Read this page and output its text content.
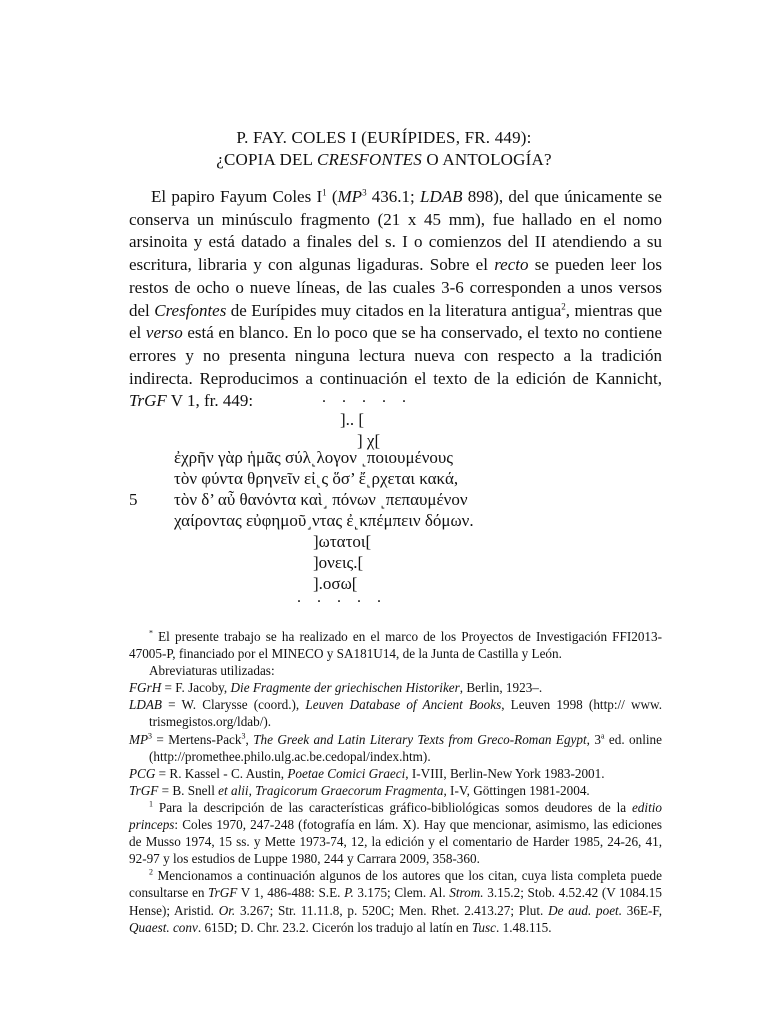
P. FAY. COLES I (EURÍPIDES, FR. 449):
¿COPIA DEL CRESFONTES O ANTOLOGÍA?

El papiro Fayum Coles $I^1$ ($MP^3$ 436.1; LDAB 898), del que únicamente se conserva un minúsculo fragmento (21 x 45 mm), fue hallado en el nomo arsinoita y está datado a finales del s. I o comienzos del II atendiendo a su escritura, libraria y con algunas ligaduras. Sobre el recto se pueden leer los restos de ocho o nueve líneas, de las cuales 3-6 corresponden a unos versos del Cresfontes de Eurípides muy citados en la literatura antigua$^2$, mientras que el verso está en blanco. En lo poco que se ha conservado, el texto no contiene errores y no presenta ninguna lectura nueva con respecto a la tradición indirecta. Reproducimos a continuación el texto de la edición de Kannicht, TrGF V 1, fr. 449:	. . . . .
].. [
] χ[
ἐχρῆν γὰρ ἡμᾶς σύλ˻λογον ˻ποιουμένους
τὸν φύντα θρηνεῖν εἰ˻ς ὅσ’ ἔ˻ρχεται κακά,
5 τὸν δ’ αὖ θανόντα καὶ˼ πόνων ˻πεπαυμένον
χαίροντας εὐφημοῦ˼ντας ἐ˻κπέμπειν δόμων.
]ωτατοι[
]ονεις.[
].οσω[
. . . . .

* El presente trabajo se ha realizado en el marco de los Proyectos de Investigación FFI2013-47005-P, financiado por el MINECO y SA181U14, de la Junta de Castilla y León.

Abreviaturas utilizadas:

FGrH = F. Jacoby, Die Fragmente der griechischen Historiker, Berlin, 1923–.

LDAB = W. Clarysse (coord.), Leuven Database of Ancient Books, Leuven 1998 (http:// www. trismegistos.org/ldab/).

$MP^3$ = Mertens-Pack$^3$, The Greek and Latin Literary Texts from Greco-Roman Egypt, 3$^a$ ed. online (http://promethee.philo.ulg.ac.be.cedopal/index.htm).

PCG = R. Kassel - C. Austin, Poetae Comici Graeci, I-VIII, Berlin-New York 1983-2001.

TrGF = B. Snell et alii, Tragicorum Graecorum Fragmenta, I-V, Göttingen 1981-2004.

$^1$ Para la descripción de las características gráfico-bibliológicas somos deudores de la editio princeps: Coles 1970, 247-248 (fotografía en lám. X). Hay que mencionar, asimismo, las ediciones de Musso 1974, 15 ss. y Mette 1973-74, 12, la edición y el comentario de Harder 1985, 24-26, 41, 92-97 y los estudios de Luppe 1980, 244 y Carrara 2009, 358-360.

$^2$ Mencionamos a continuación algunos de los autores que los citan, cuya lista completa puede consultarse en TrGF V 1, 486-488: S.E. P. 3.175; Clem. Al. Strom. 3.15.2; Stob. 4.52.42 (V 1084.15 Hense); Aristid. Or. 3.267; Str. 11.11.8, p. 520C; Men. Rhet. 2.413.27; Plut. De aud. poet. 36E-F, Quaest. conv. 615D; D. Chr. 23.2. Cicerón los tradujo al latín en Tusc. 1.48.115.
